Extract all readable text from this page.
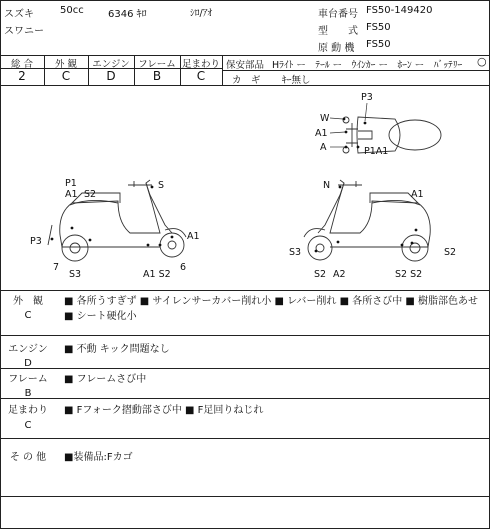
スズキ	50cc 6346 ｷﾛ	ｼﾛ/ｱｵ
スワニー
車台番号 FS50-149420
型　　式 FS50
原 動 機 FS50
総 合	外 観	エンジン フレーム 足まわり
2	C	D	B	C
保安部品 Hﾗｲﾄ ー　ﾃｰﾙ ー　ｳｲﾝｶｰ ー　ﾎｰﾝ ー　ﾊﾞｯﾃﾘｰ ○
カ　ギ ｷｰ無し
P3
W
A1
A	P1A1
S
P1
A1 S2
P3	A1
7
S3	A1 S2
6
N
A1
S3	S2
S2 A2	S2 S2
外　観
C
■ 各所うすぎず ■ サイレンサーカバー削れ小 ■ レバー削れ ■ 各所さび中 ■ 樹脂部色あせ ■ シート硬化小
エンジン
D
■ 不動 キック問題なし
フレーム
B
■ フレームさび中
足まわり
C
■ Fフォーク摺動部さび中 ■ F足回りねじれ
そ の 他	■装備品:Fカゴ
